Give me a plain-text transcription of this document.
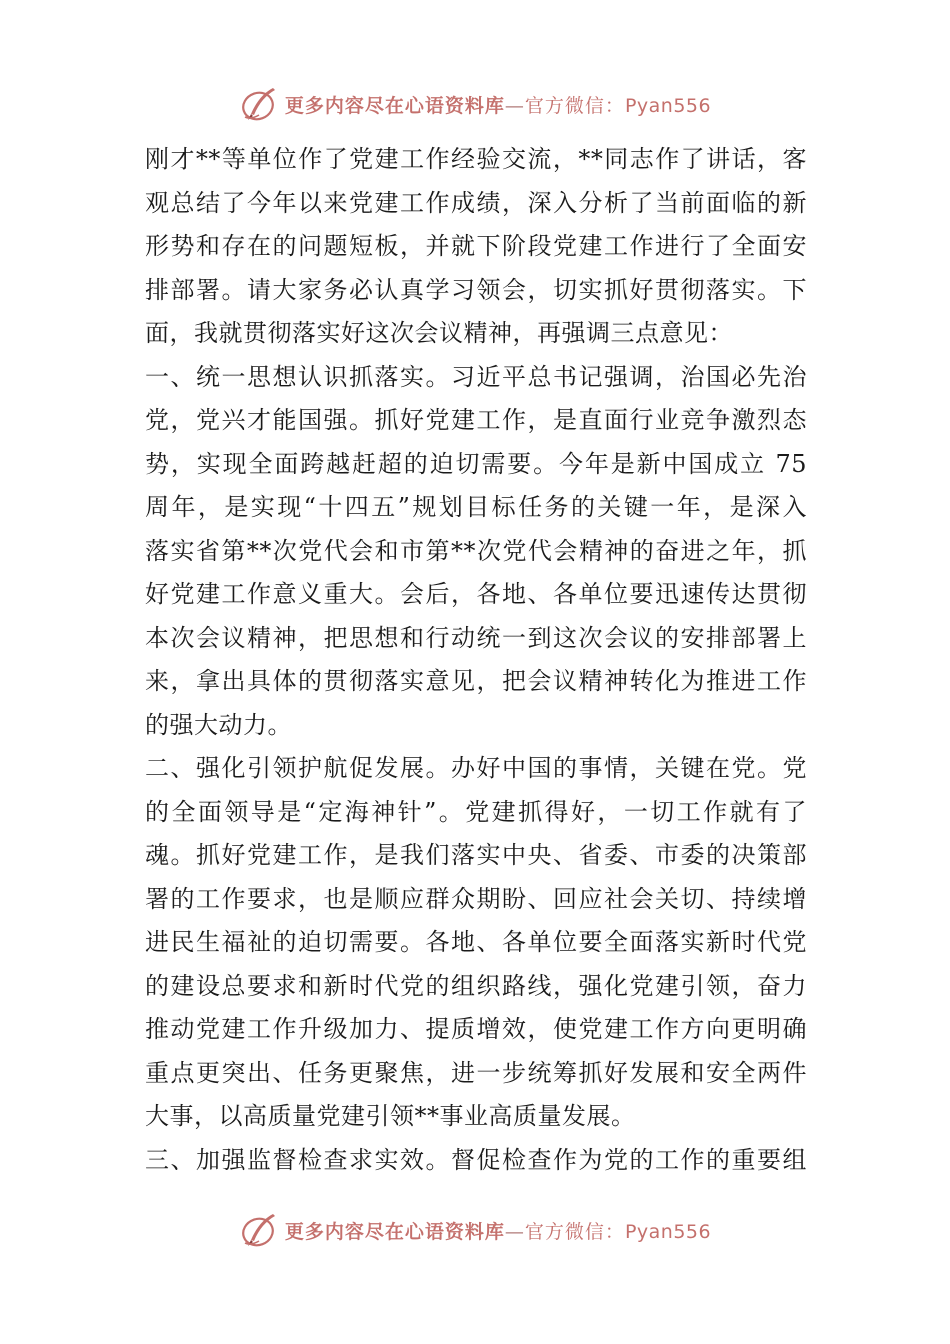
更多内容尽在心语资料库—官方微信：Pyan556
刚才**等单位作了党建工作经验交流，**同志作了讲话，客
观总结了今年以来党建工作成绩，深入分析了当前面临的新
形势和存在的问题短板，并就下阶段党建工作进行了全面安
排部署。请大家务必认真学习领会，切实抓好贯彻落实。下
面，我就贯彻落实好这次会议精神，再强调三点意见：
一、统一思想认识抓落实。习近平总书记强调，治国必先治
党，党兴才能国强。抓好党建工作，是直面行业竞争激烈态
势，实现全面跨越赶超的迫切需要。今年是新中国成立 75
周年，是实现“十四五”规划目标任务的关键一年，是深入
落实省第**次党代会和市第**次党代会精神的奋进之年，抓
好党建工作意义重大。会后，各地、各单位要迅速传达贯彻
本次会议精神，把思想和行动统一到这次会议的安排部署上
来，拿出具体的贯彻落实意见，把会议精神转化为推进工作
的强大动力。
二、强化引领护航促发展。办好中国的事情，关键在党。党
的全面领导是“定海神针”。党建抓得好，一切工作就有了
魂。抓好党建工作，是我们落实中央、省委、市委的决策部
署的工作要求，也是顺应群众期盼、回应社会关切、持续增
进民生福祉的迫切需要。各地、各单位要全面落实新时代党
的建设总要求和新时代党的组织路线，强化党建引领，奋力
推动党建工作升级加力、提质增效，使党建工作方向更明确
重点更突出、任务更聚焦，进一步统筹抓好发展和安全两件
大事，以高质量党建引领**事业高质量发展。
三、加强监督检查求实效。督促检查作为党的工作的重要组
更多内容尽在心语资料库—官方微信：Pyan556
